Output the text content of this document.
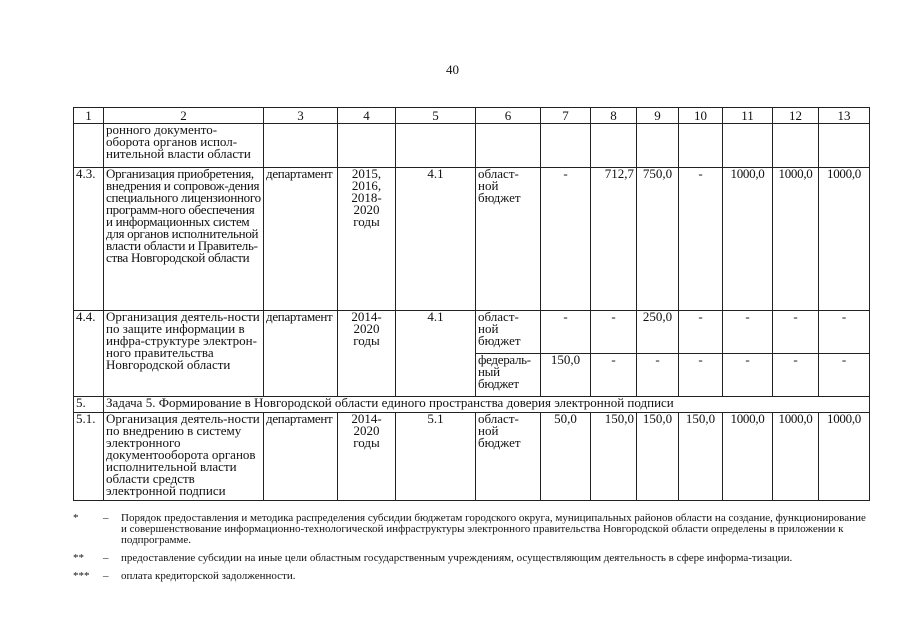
40
1	2	3	4	5	6	7	8	9	10	11	12	13
	ронного документо-оборота органов испол-нительной власти области											
4.3.	Организация приобретения, внедрения и сопровож-дения специального лицензионного программ-ного обеспечения и информационных систем для органов исполнительной власти области и Правитель-ства Новгородской области	департамент	2015, 2016, 2018-2020 годы	4.1	област-ной бюджет	-	712,7	750,0	-	1000,0	1000,0	1000,0
4.4.	Организация деятель-ности по защите информации в инфра-структуре электрон-ного правительства Новгородской области	департамент	2014-2020 годы	4.1	област-ной бюджет	-	-	250,0	-	-	-	-
					федераль-ный бюджет	150,0	-	-	-	-	-	-
5.	Задача 5. Формирование в Новгородской области единого пространства доверия электронной подписи											
5.1.	Организация деятель-ности по внедрению в систему электронного документооборота органов исполнительной власти области средств электронной подписи	департамент	2014-2020 годы	5.1	област-ной бюджет	50,0	150,0	150,0	150,0	1000,0	1000,0	1000,0
*	–	Порядок предоставления и методика распределения субсидии бюджетам городского округа, муниципальных районов области на создание, функционирование и совершенствование информационно-технологической инфраструктуры электронного правительства Новгородской области определены в приложении к подпрограмме.
**	–	предоставление субсидии на иные цели областным государственным учреждениям, осуществляющим деятельность в сфере информа-тизации.
***	–	оплата кредиторской задолженности.
